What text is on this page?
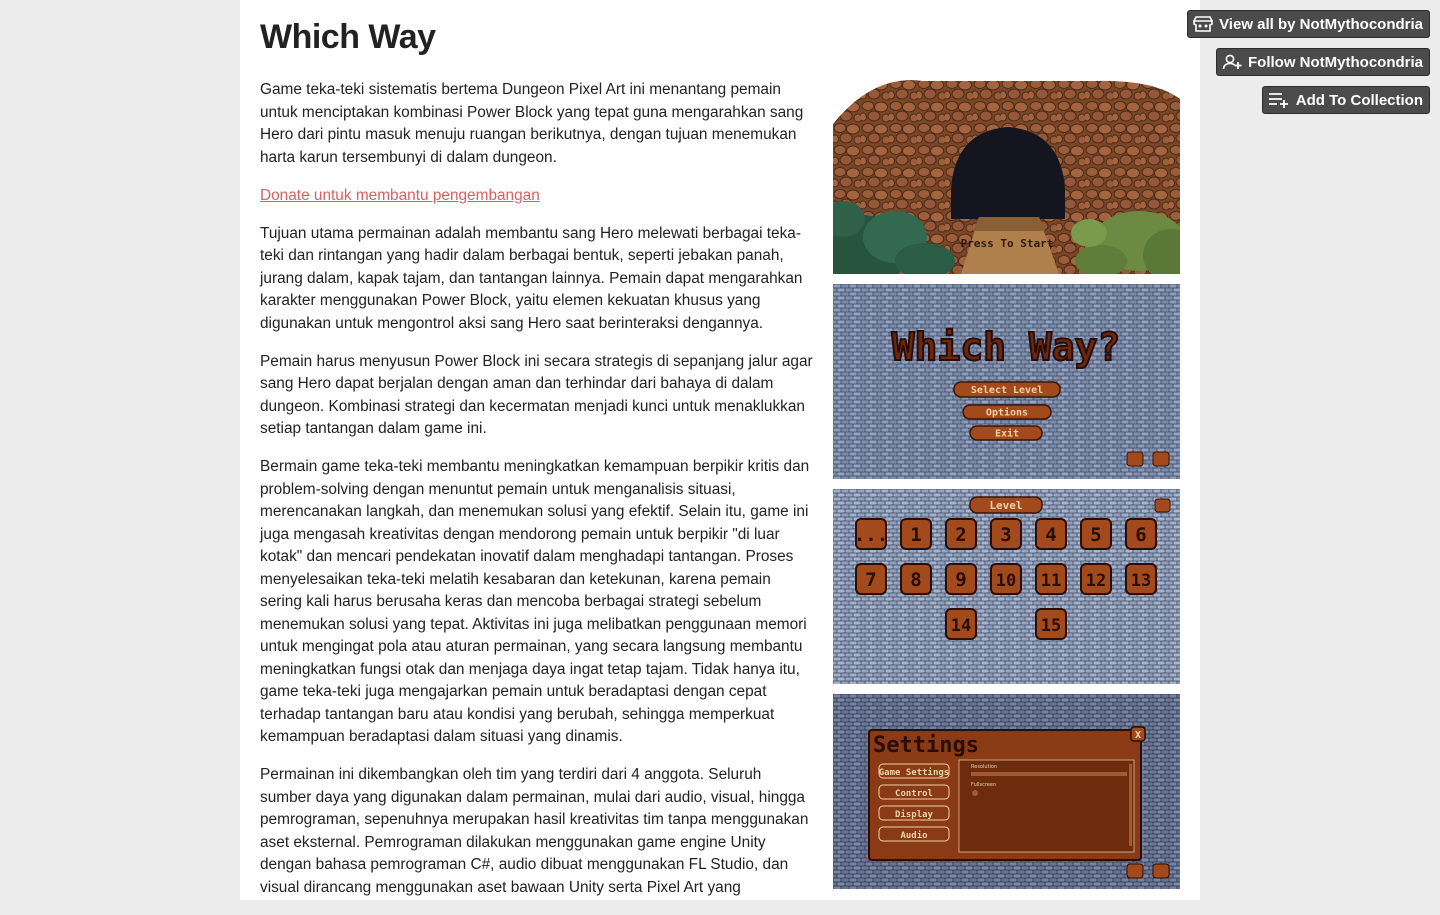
Which Way

Game teka-teki sistematis bertema Dungeon Pixel Art ini menantang pemain untuk menciptakan kombinasi Power Block yang tepat guna mengarahkan sang Hero dari pintu masuk menuju ruangan berikutnya, dengan tujuan menemukan harta karun tersembunyi di dalam dungeon.

Donate untuk membantu pengembangan

Tujuan utama permainan adalah membantu sang Hero melewati berbagai teka-teki dan rintangan yang hadir dalam berbagai bentuk, seperti jebakan panah, jurang dalam, kapak tajam, dan tantangan lainnya. Pemain dapat mengarahkan karakter menggunakan Power Block, yaitu elemen kekuatan khusus yang digunakan untuk mengontrol aksi sang Hero saat berinteraksi dengannya.

Pemain harus menyusun Power Block ini secara strategis di sepanjang jalur agar sang Hero dapat berjalan dengan aman dan terhindar dari bahaya di dalam dungeon. Kombinasi strategi dan kecermatan menjadi kunci untuk menaklukkan setiap tantangan dalam game ini.

Bermain game teka-teki membantu meningkatkan kemampuan berpikir kritis dan problem-solving dengan menuntut pemain untuk menganalisis situasi, merencanakan langkah, dan menemukan solusi yang efektif. Selain itu, game ini juga mengasah kreativitas dengan mendorong pemain untuk berpikir "di luar kotak" dan mencari pendekatan inovatif dalam menghadapi tantangan. Proses menyelesaikan teka-teki melatih kesabaran dan ketekunan, karena pemain sering kali harus berusaha keras dan mencoba berbagai strategi sebelum menemukan solusi yang tepat. Aktivitas ini juga melibatkan penggunaan memori untuk mengingat pola atau aturan permainan, yang secara langsung membantu meningkatkan fungsi otak dan menjaga daya ingat tetap tajam. Tidak hanya itu, game teka-teki juga mengajarkan pemain untuk beradaptasi dengan cepat terhadap tantangan baru atau kondisi yang berubah, sehingga memperkuat kemampuan beradaptasi dalam situasi yang dinamis.

Permainan ini dikembangkan oleh tim yang terdiri dari 4 anggota. Seluruh sumber daya yang digunakan dalam permainan, mulai dari audio, visual, hingga pemrograman, sepenuhnya merupakan hasil kreativitas tim tanpa menggunakan aset eksternal. Pemrograman dilakukan menggunakan game engine Unity dengan bahasa pemrograman C#, audio dibuat menggunakan FL Studio, dan visual dirancang menggunakan aset bawaan Unity serta Pixel Art yang

Press To Start
Which Way?
Select Level
Options
Exit
Level
... 1 2 3 4 5 6
7 8 9 10 11 12 13
14	15
Settings	X
Game Settings
Control
Display
Audio
Resolution
Fullscreen
View all by NotMythocondria
Follow NotMythocondria
Add To Collection
